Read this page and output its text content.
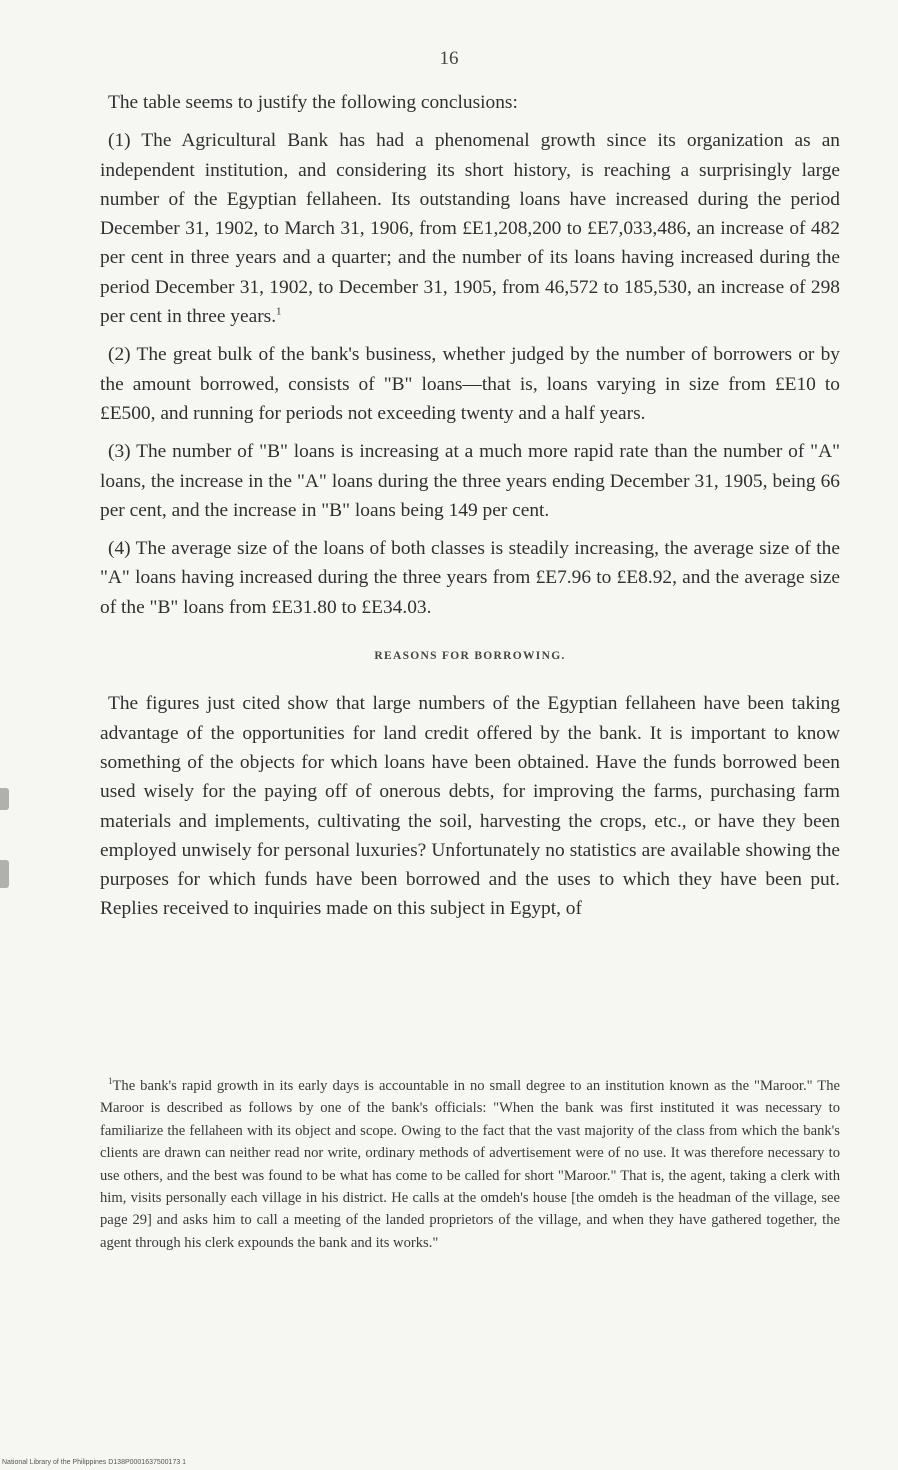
16

The table seems to justify the following conclusions:

(1) The Agricultural Bank has had a phenomenal growth since its organization as an independent institution, and considering its short history, is reaching a surprisingly large number of the Egyptian fellaheen. Its outstanding loans have increased during the period December 31, 1902, to March 31, 1906, from £E1,208,200 to £E7,033,486, an increase of 482 per cent in three years and a quarter; and the number of its loans having increased during the period December 31, 1902, to December 31, 1905, from 46,572 to 185,530, an increase of 298 per cent in three years.$^1$

(2) The great bulk of the bank's business, whether judged by the number of borrowers or by the amount borrowed, consists of "B" loans—that is, loans varying in size from £E10 to £E500, and running for periods not exceeding twenty and a half years.

(3) The number of "B" loans is increasing at a much more rapid rate than the number of "A" loans, the increase in the "A" loans during the three years ending December 31, 1905, being 66 per cent, and the increase in "B" loans being 149 per cent.

(4) The average size of the loans of both classes is steadily increasing, the average size of the "A" loans having increased during the three years from £E7.96 to £E8.92, and the average size of the "B" loans from £E31.80 to £E34.03.

REASONS FOR BORROWING.

The figures just cited show that large numbers of the Egyptian fellaheen have been taking advantage of the opportunities for land credit offered by the bank. It is important to know something of the objects for which loans have been obtained. Have the funds borrowed been used wisely for the paying off of onerous debts, for improving the farms, purchasing farm materials and implements, cultivating the soil, harvesting the crops, etc., or have they been employed unwisely for personal luxuries? Unfortunately no statistics are available showing the purposes for which funds have been borrowed and the uses to which they have been put. Replies received to inquiries made on this subject in Egypt, of

$^1$The bank's rapid growth in its early days is accountable in no small degree to an institution known as the "Maroor." The Maroor is described as follows by one of the bank's officials: "When the bank was first instituted it was necessary to familiarize the fellaheen with its object and scope. Owing to the fact that the vast majority of the class from which the bank's clients are drawn can neither read nor write, ordinary methods of advertisement were of no use. It was therefore necessary to use others, and the best was found to be what has come to be called for short "Maroor." That is, the agent, taking a clerk with him, visits personally each village in his district. He calls at the omdeh's house [the omdeh is the headman of the village, see page 29] and asks him to call a meeting of the landed proprietors of the village, and when they have gathered together, the agent through his clerk expounds the bank and its works."

National Library of the Philippines D138P0001637500173 1
